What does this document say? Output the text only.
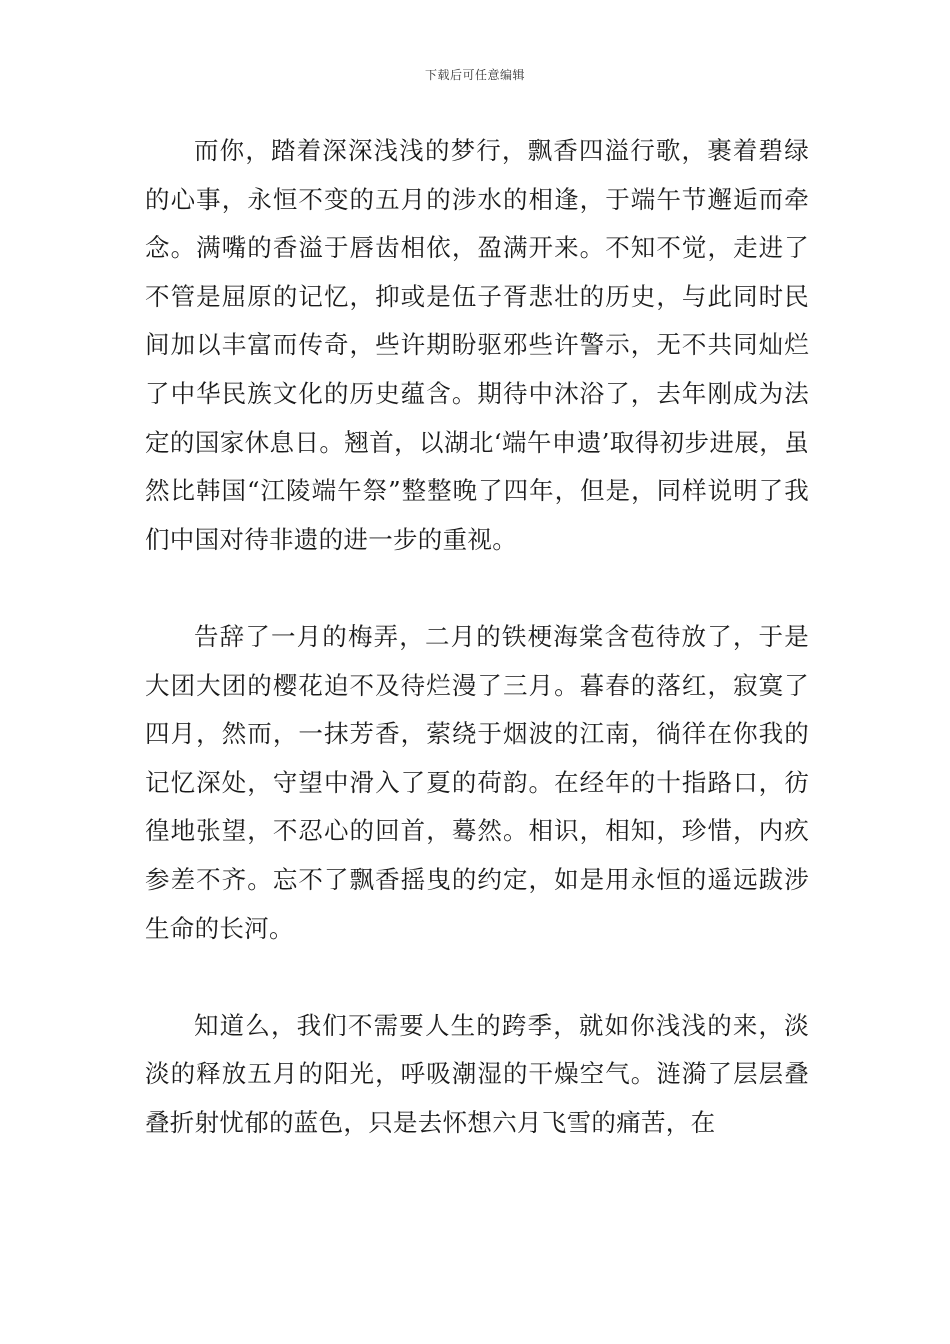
下载后可任意编辑

而你，踏着深深浅浅的梦行，飘香四溢行歌，裹着碧绿的心事，永恒不变的五月的涉水的相逢，于端午节邂逅而牵念。满嘴的香溢于唇齿相依，盈满开来。不知不觉，走进了不管是屈原的记忆，抑或是伍子胥悲壮的历史，与此同时民间加以丰富而传奇，些许期盼驱邪些许警示，无不共同灿烂了中华民族文化的历史蕴含。期待中沐浴了，去年刚成为法定的国家休息日。翘首，以湖北‘端午申遗’取得初步进展，虽然比韩国“江陵端午祭”整整晚了四年，但是，同样说明了我们中国对待非遗的进一步的重视。

告辞了一月的梅弄，二月的铁梗海棠含苞待放了，于是大团大团的樱花迫不及待烂漫了三月。暮春的落红，寂寞了四月，然而，一抹芳香，萦绕于烟波的江南，徜徉在你我的记忆深处，守望中滑入了夏的荷韵。在经年的十指路口，彷徨地张望，不忍心的回首，蓦然。相识，相知，珍惜，内疚参差不齐。忘不了飘香摇曳的约定，如是用永恒的遥远跋涉生命的长河。

知道么，我们不需要人生的跨季，就如你浅浅的来，淡淡的释放五月的阳光，呼吸潮湿的干燥空气。涟漪了层层叠叠折射忧郁的蓝色，只是去怀想六月飞雪的痛苦，在
